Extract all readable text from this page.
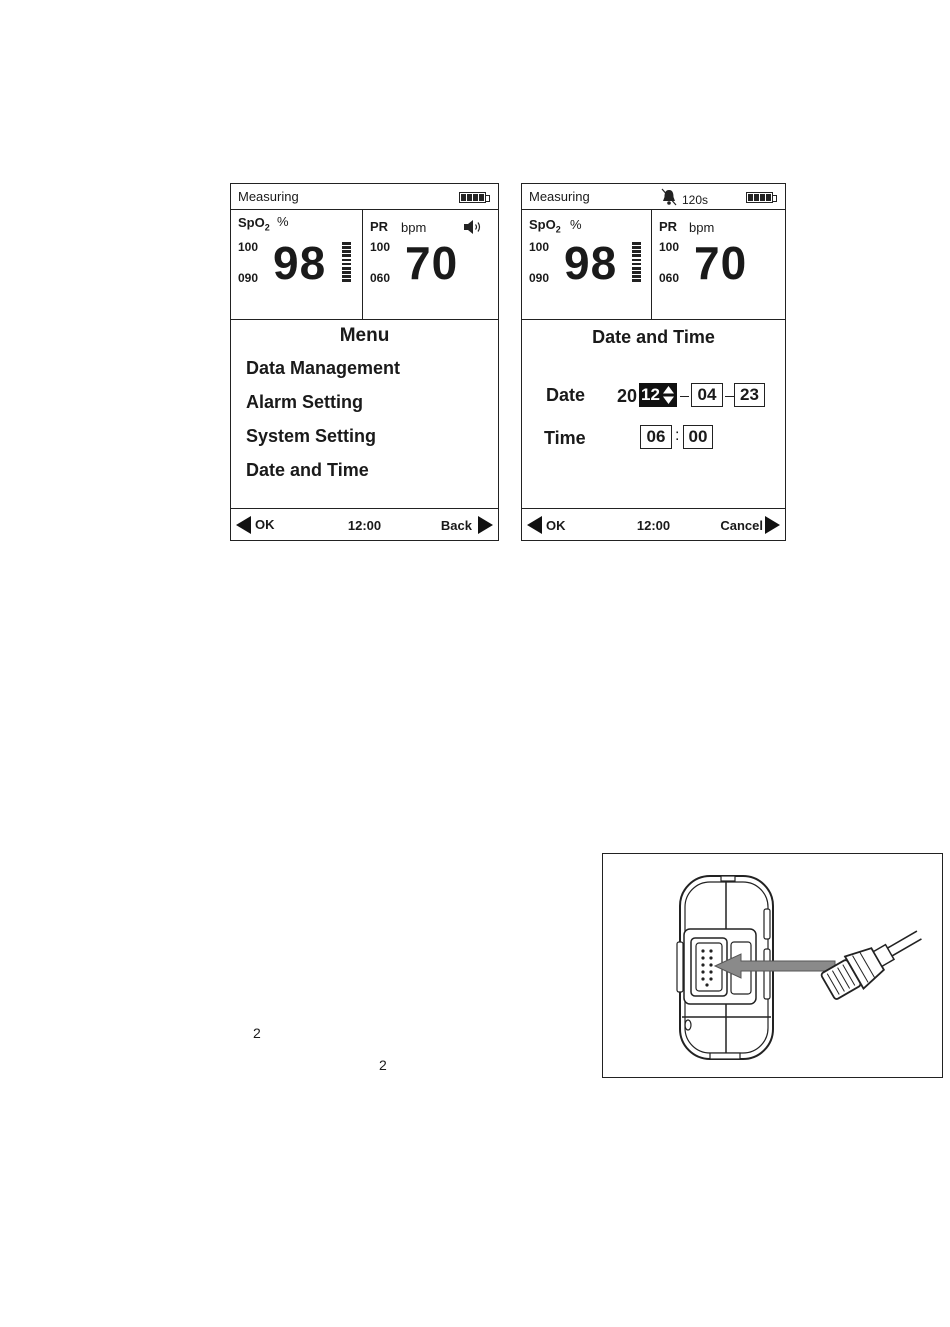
Measuring
SpO$_2$ %
100
090 98
PR bpm
100
060 70
Menu
Data Management
Alarm Setting
System Setting
Date and Time
OK	12:00	Back
Measuring	120s
SpO$_2$ %
100
090 98
PR bpm
100
060 70
Date and Time
Date 20 12	04	23
Time	06 : 00
OK	12:00	Cancel
2
2
